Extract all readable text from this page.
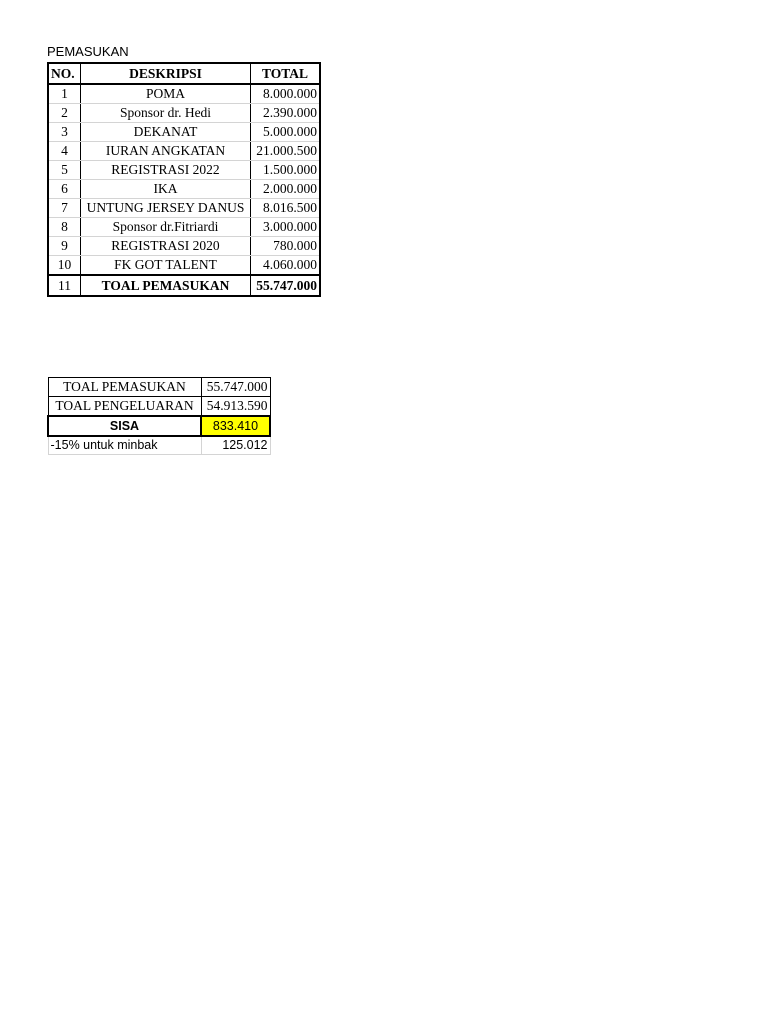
PEMASUKAN
NO.	DESKRIPSI	TOTAL
1	POMA	8.000.000
2	Sponsor dr. Hedi	2.390.000
3	DEKANAT	5.000.000
4	IURAN ANGKATAN	21.000.500
5	REGISTRASI 2022	1.500.000
6	IKA	2.000.000
7	UNTUNG JERSEY DANUS	8.016.500
8	Sponsor dr.Fitriardi	3.000.000
9	REGISTRASI 2020	780.000
10	FK GOT TALENT	4.060.000
11	TOAL PEMASUKAN	55.747.000
TOAL PEMASUKAN	55.747.000
TOAL PENGELUARAN	54.913.590
SISA	833.410
-15% untuk minbak	125.012
